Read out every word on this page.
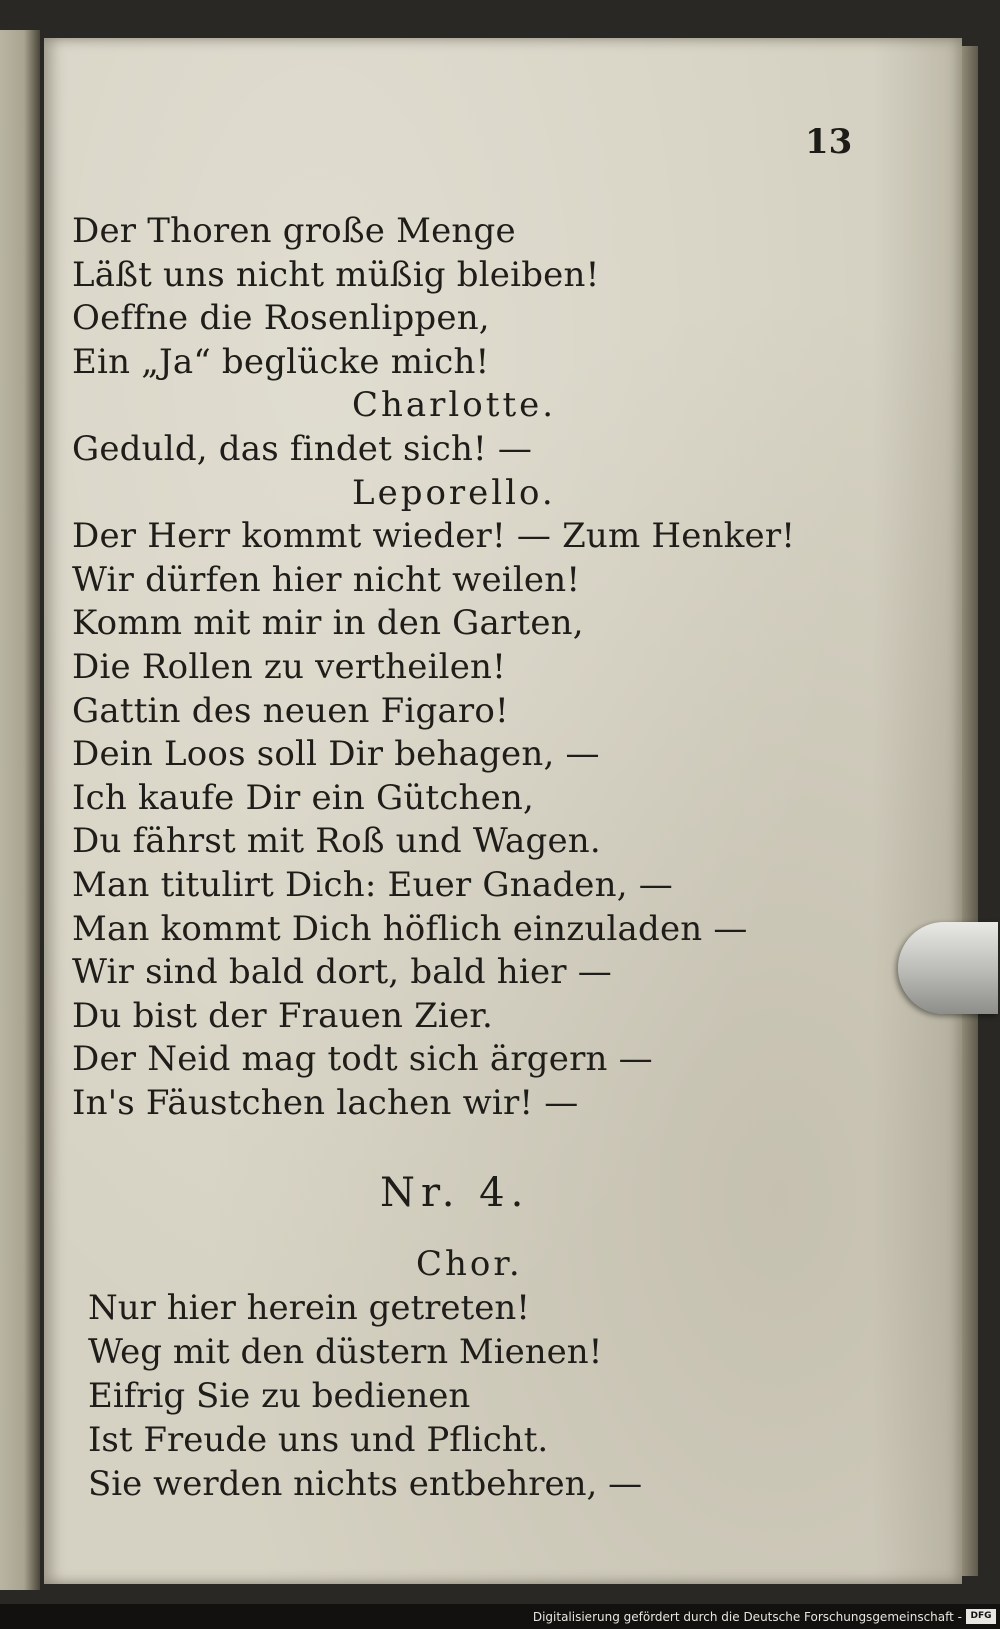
13
Der Thoren große Menge
Läßt uns nicht müßig bleiben!
Oeffne die Rosenlippen,
Ein „Ja“ beglücke mich!
Charlotte.
Geduld, das findet sich! —
Leporello.
Der Herr kommt wieder! — Zum Henker!
Wir dürfen hier nicht weilen!
Komm mit mir in den Garten,
Die Rollen zu vertheilen!
Gattin des neuen Figaro!
Dein Loos soll Dir behagen, —
Ich kaufe Dir ein Gütchen,
Du fährst mit Roß und Wagen.
Man titulirt Dich: Euer Gnaden, —
Man kommt Dich höflich einzuladen —
Wir sind bald dort, bald hier —
Du bist der Frauen Zier.
Der Neid mag todt sich ärgern —
In's Fäustchen lachen wir! —
Nr. 4.
Chor.
Nur hier herein getreten!
Weg mit den düstern Mienen!
Eifrig Sie zu bedienen
Ist Freude uns und Pflicht.
Sie werden nichts entbehren, —
Digitalisierung gefördert durch die Deutsche Forschungsgemeinschaft - DFG
